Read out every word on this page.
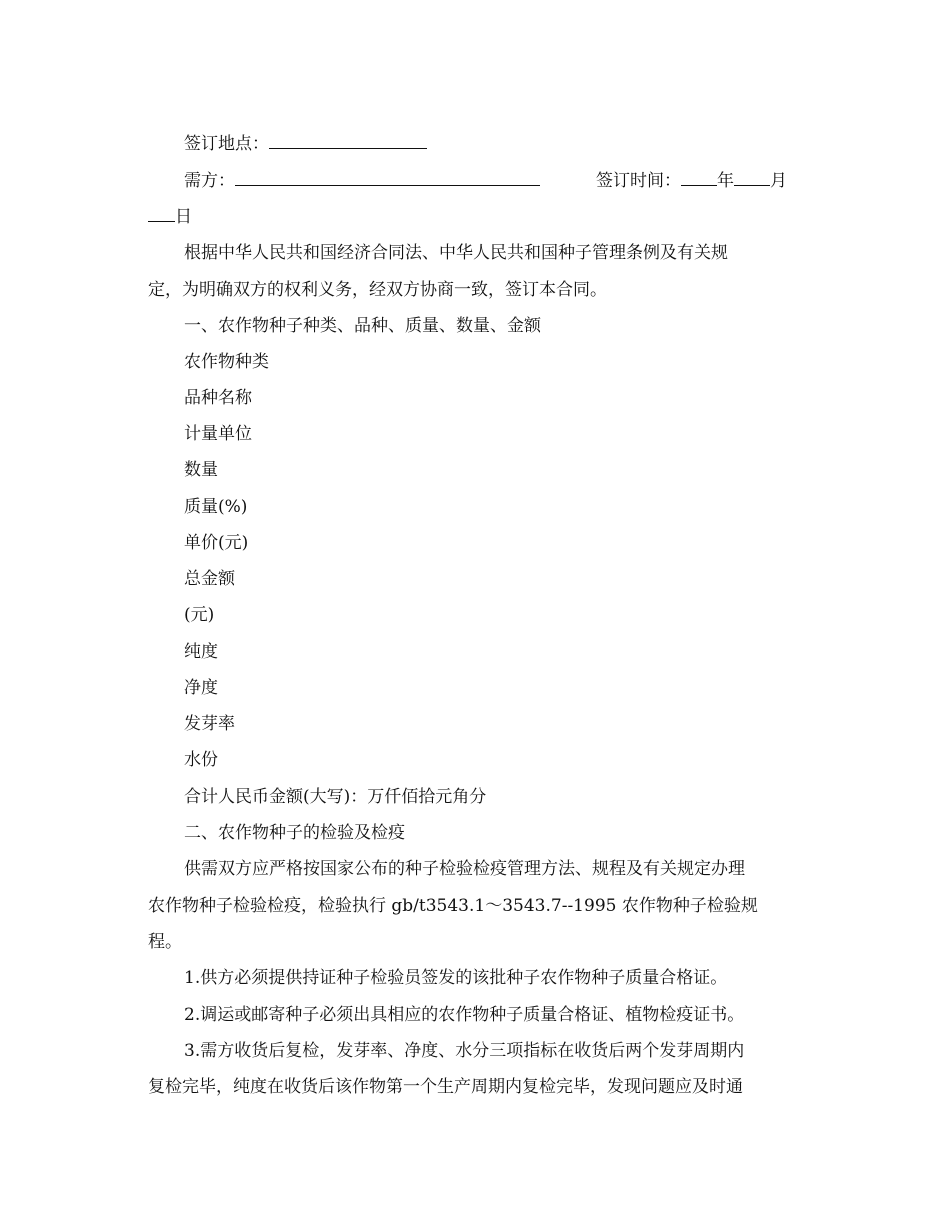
签订地点：
需方：	签订时间： 年 月
日
根据中华人民共和国经济合同法、中华人民共和国种子管理条例及有关规
定，为明确双方的权利义务，经双方协商一致，签订本合同。
一、农作物种子种类、品种、质量、数量、金额
农作物种类
品种名称
计量单位
数量
质量(%)
单价(元)
总金额
(元)
纯度
净度
发芽率
水份
合计人民币金额(大写)：万仟佰拾元角分
二、农作物种子的检验及检疫
供需双方应严格按国家公布的种子检验检疫管理方法、规程及有关规定办理
农作物种子检验检疫，检验执行 gb/t3543.1～3543.7--1995 农作物种子检验规
程。
1.供方必须提供持证种子检验员签发的该批种子农作物种子质量合格证。
2.调运或邮寄种子必须出具相应的农作物种子质量合格证、植物检疫证书。
3.需方收货后复检，发芽率、净度、水分三项指标在收货后两个发芽周期内
复检完毕，纯度在收货后该作物第一个生产周期内复检完毕，发现问题应及时通
